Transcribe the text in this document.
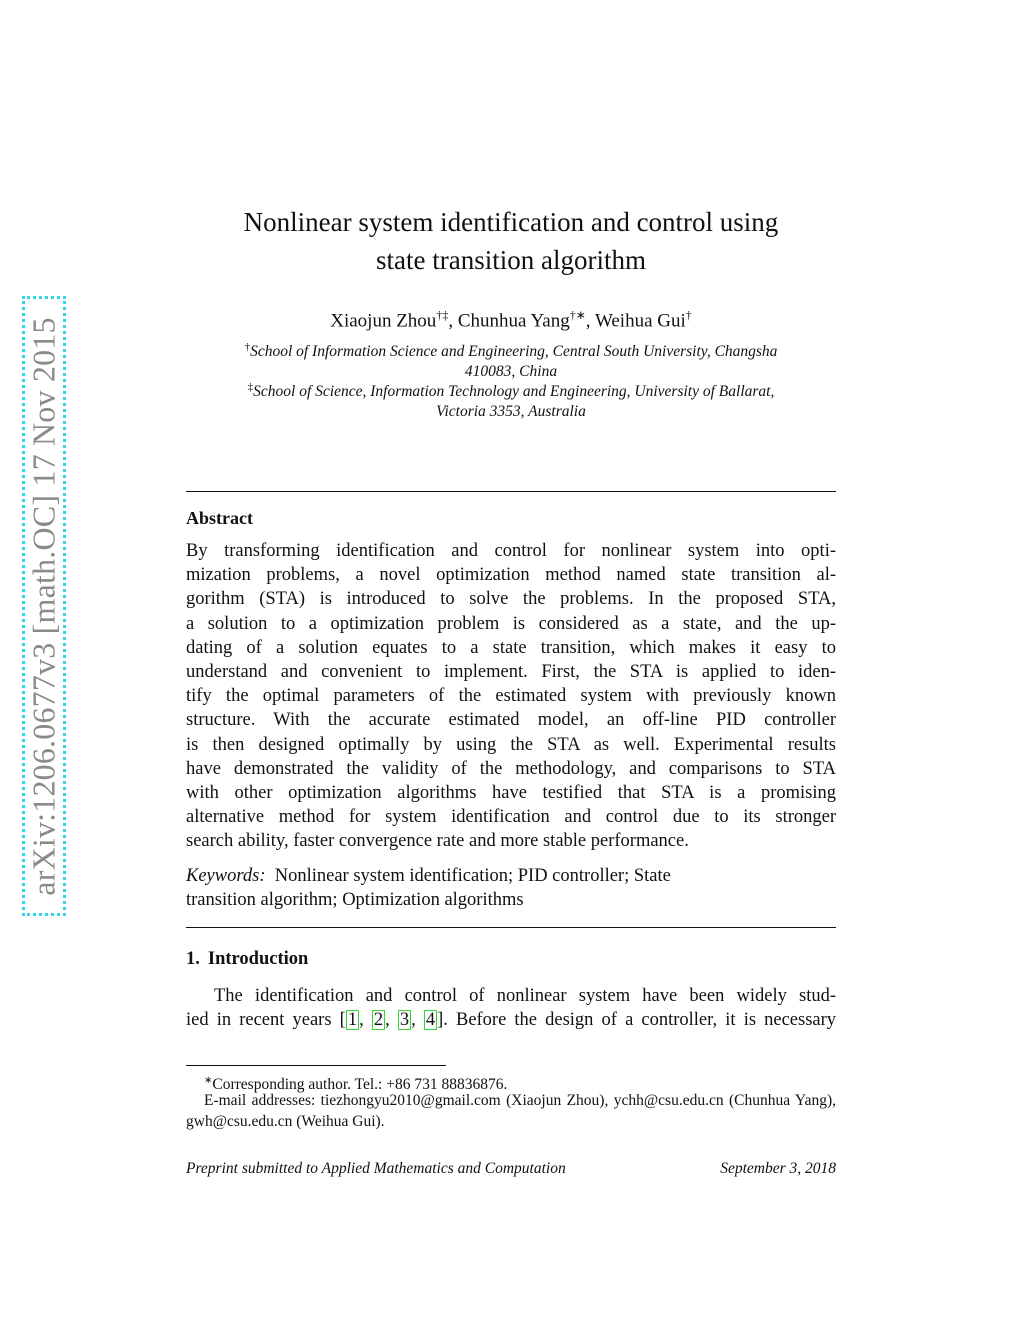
arXiv:1206.0677v3 [math.OC] 17 Nov 2015
Nonlinear system identification and control using
state transition algorithm
Xiaojun Zhou†‡, Chunhua Yang†∗, Weihua Gui†
†School of Information Science and Engineering, Central South University, Changsha
410083, China
‡School of Science, Information Technology and Engineering, University of Ballarat,
Victoria 3353, Australia
Abstract
By transforming identification and control for nonlinear system into opti-
mization problems, a novel optimization method named state transition al-
gorithm (STA) is introduced to solve the problems. In the proposed STA,
a solution to a optimization problem is considered as a state, and the up-
dating of a solution equates to a state transition, which makes it easy to
understand and convenient to implement. First, the STA is applied to iden-
tify the optimal parameters of the estimated system with previously known
structure. With the accurate estimated model, an off-line PID controller
is then designed optimally by using the STA as well. Experimental results
have demonstrated the validity of the methodology, and comparisons to STA
with other optimization algorithms have testified that STA is a promising
alternative method for system identification and control due to its stronger
search ability, faster convergence rate and more stable performance.
Keywords: Nonlinear system identification; PID controller; State
transition algorithm; Optimization algorithms
1. Introduction
The identification and control of nonlinear system have been widely stud-
ied in recent years [ 1 , 2 , 3 , 4 ]. Before the design of a controller, it is necessary
∗Corresponding author. Tel.: +86 731 88836876.
E-mail addresses: tiezhongyu2010@gmail.com (Xiaojun Zhou), ychh@csu.edu.cn (Chunhua Yang), gwh@csu.edu.cn (Weihua Gui).
Preprint submitted to Applied Mathematics and Computation	September 3, 2018
